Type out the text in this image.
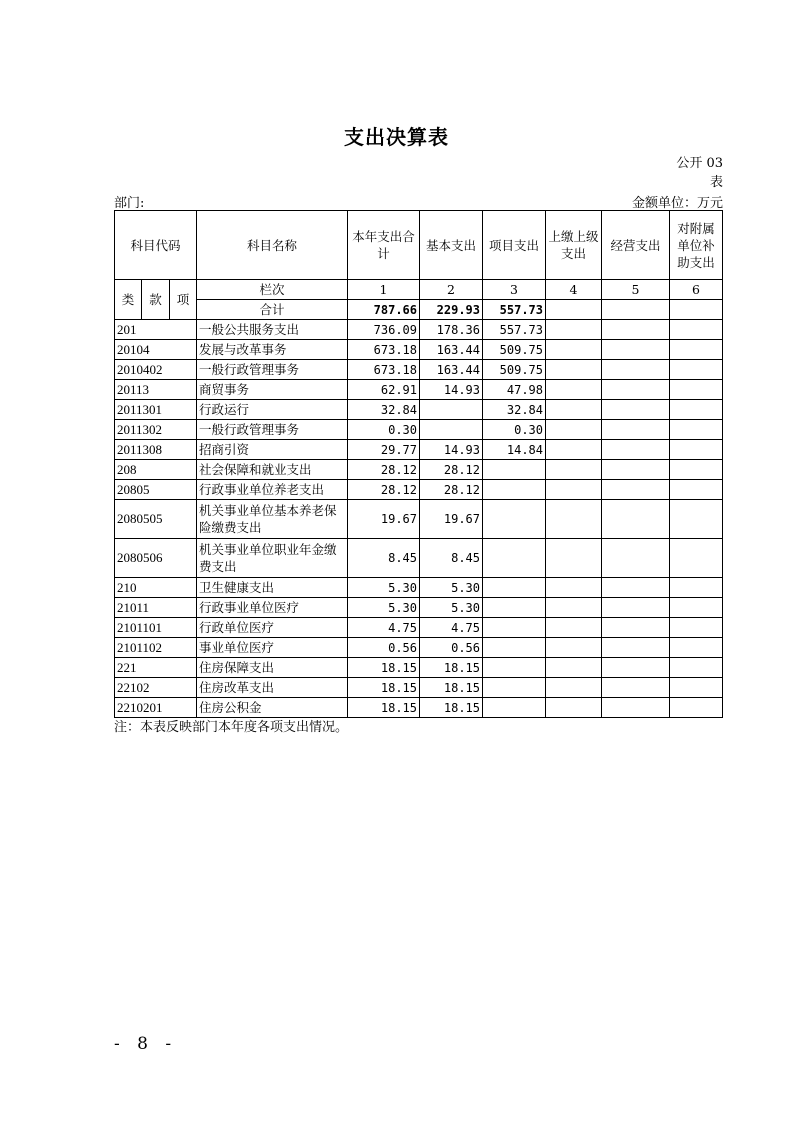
支出决算表
公开 03
表
部门:	金额单位：万元
科目代码			科目名称	本年支出合计	基本支出	项目支出	上缴上级支出	经营支出	对附属单位补助支出
类	款	项	栏次	1	2	3	4	5	6
			合计	787.66	229.93	557.73			
201			一般公共服务支出	736.09	178.36	557.73			
20104			发展与改革事务	673.18	163.44	509.75			
2010402			一般行政管理事务	673.18	163.44	509.75			
20113			商贸事务	62.91	14.93	47.98			
2011301			行政运行	32.84		32.84			
2011302			一般行政管理事务	0.30		0.30			
2011308			招商引资	29.77	14.93	14.84			
208			社会保障和就业支出	28.12	28.12				
20805			行政事业单位养老支出	28.12	28.12				
2080505			机关事业单位基本养老保险缴费支出	19.67	19.67				
2080506			机关事业单位职业年金缴费支出	8.45	8.45				
210			卫生健康支出	5.30	5.30				
21011			行政事业单位医疗	5.30	5.30				
2101101			行政单位医疗	4.75	4.75				
2101102			事业单位医疗	0.56	0.56				
221			住房保障支出	18.15	18.15				
22102			住房改革支出	18.15	18.15				
2210201			住房公积金	18.15	18.15				
注：本表反映部门本年度各项支出情况。
- 8 -
